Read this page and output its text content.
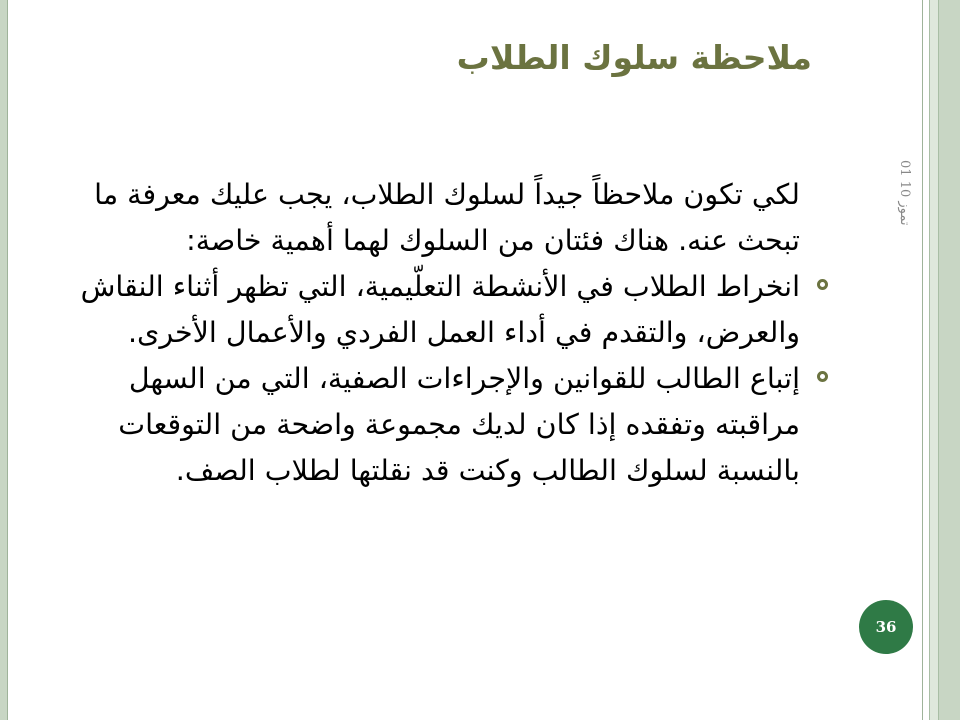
ملاحظة سلوك الطلاب
01 تموز 10

لكي تكون ملاحظاً جيداً لسلوك الطلاب، يجب عليك معرفة ما تبحث عنه. هناك فئتان من السلوك لهما أهمية خاصة:

انخراط الطلاب في الأنشطة التعلّيمية، التي تظهر أثناء النقاش والعرض، والتقدم في أداء العمل الفردي والأعمال الأخرى.
إتباع الطالب للقوانين والإجراءات الصفية، التي من السهل مراقبته وتفقده إذا كان لديك مجموعة واضحة من التوقعات بالنسبة لسلوك الطالب وكنت قد نقلتها لطلاب الصف.
36
